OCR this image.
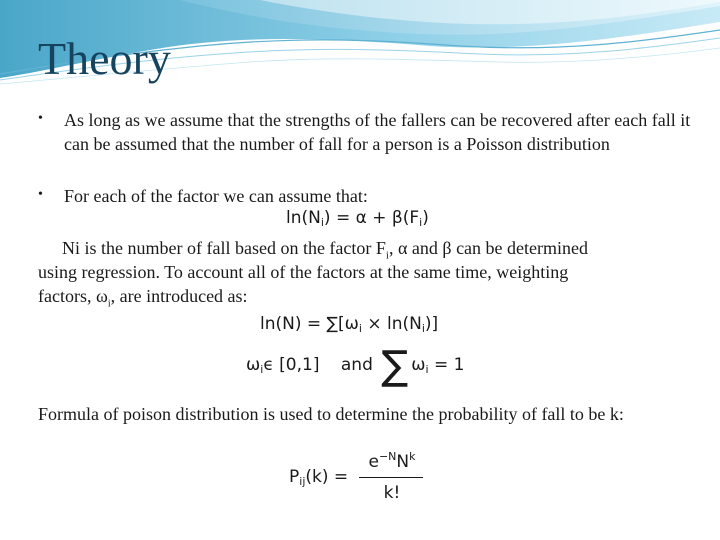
Theory
• As long as we assume that the strengths of the fallers can be recovered after each fall it can be assumed that the number of fall for a person is a Poisson distribution
• For each of the factor we can assume that:
$\ln(N_i) = \alpha + \beta(F_i)$
Ni is the number of fall based on the factor $F_i$, α and β can be determined
using regression. To account all of the factors at the same time, weighting
factors, $\omega_i$, are introduced as:
$\ln(N) = \sum[\omega_i \times \ln(N_i)]$
$\omega_i\epsilon$ [0,1] and ∑ $\omega_i = 1$
Formula of poison distribution is used to determine the probability of fall to be k:
$P_{ij}(k)$ =
$e^{-N}N^k$
k!
